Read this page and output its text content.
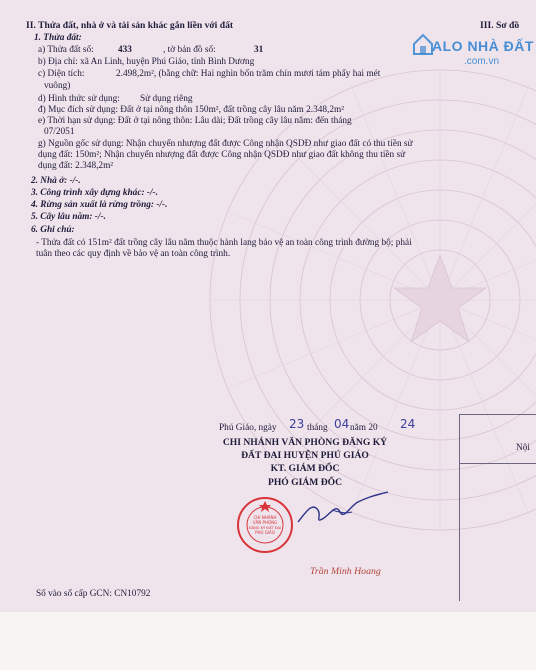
II. Thửa đất, nhà ở và tài sản khác gắn liền với đất	III. Sơ đồ
ALO NHÀ ĐẤT
.com.vn
1. Thửa đất:
a) Thửa đất số:	433	, tờ bản đồ số:	31
b) Địa chỉ: xã An Linh, huyện Phú Giáo, tỉnh Bình Dương
c) Diện tích:	2.498,2m², (bằng chữ: Hai nghìn bốn trăm chín mươi tám phẩy hai mét
vuông)
d) Hình thức sử dụng: Sử dụng riêng
đ) Mục đích sử dụng: Đất ở tại nông thôn 150m², đất trồng cây lâu năm 2.348,2m²
e) Thời hạn sử dụng: Đất ở tại nông thôn: Lâu dài; Đất trồng cây lâu năm: đến tháng
07/2051
g) Nguồn gốc sử dụng: Nhận chuyển nhượng đất được Công nhận QSDĐ như giao đất có thu tiền sử dụng đất: 150m²; Nhận chuyển nhượng đất được Công nhận QSDĐ như giao đất không thu tiền sử dụng đất: 2.348,2m²
2. Nhà ở: -/-.
3. Công trình xây dựng khác: -/-.
4. Rừng sản xuất là rừng trồng: -/-.
5. Cây lâu năm: -/-.
6. Ghi chú:
- Thửa đất có 151m² đất trồng cây lâu năm thuộc hành lang bảo vệ an toàn công trình đường bộ; phải tuân theo các quy định về bảo vệ an toàn công trình.
Phú Giáo, ngày 23 tháng 04 năm 20 24
CHI NHÁNH VĂN PHÒNG ĐĂNG KÝ
ĐẤT ĐAI HUYỆN PHÚ GIÁO
KT. GIÁM ĐỐC
PHÓ GIÁM ĐỐC
CHI NHÁNH
VĂN PHÒNG
ĐĂNG KÝ ĐẤT ĐAI
PHÚ GIÁO
Trần Minh Hoang
Nội
Số vào sổ cấp GCN: CN10792
